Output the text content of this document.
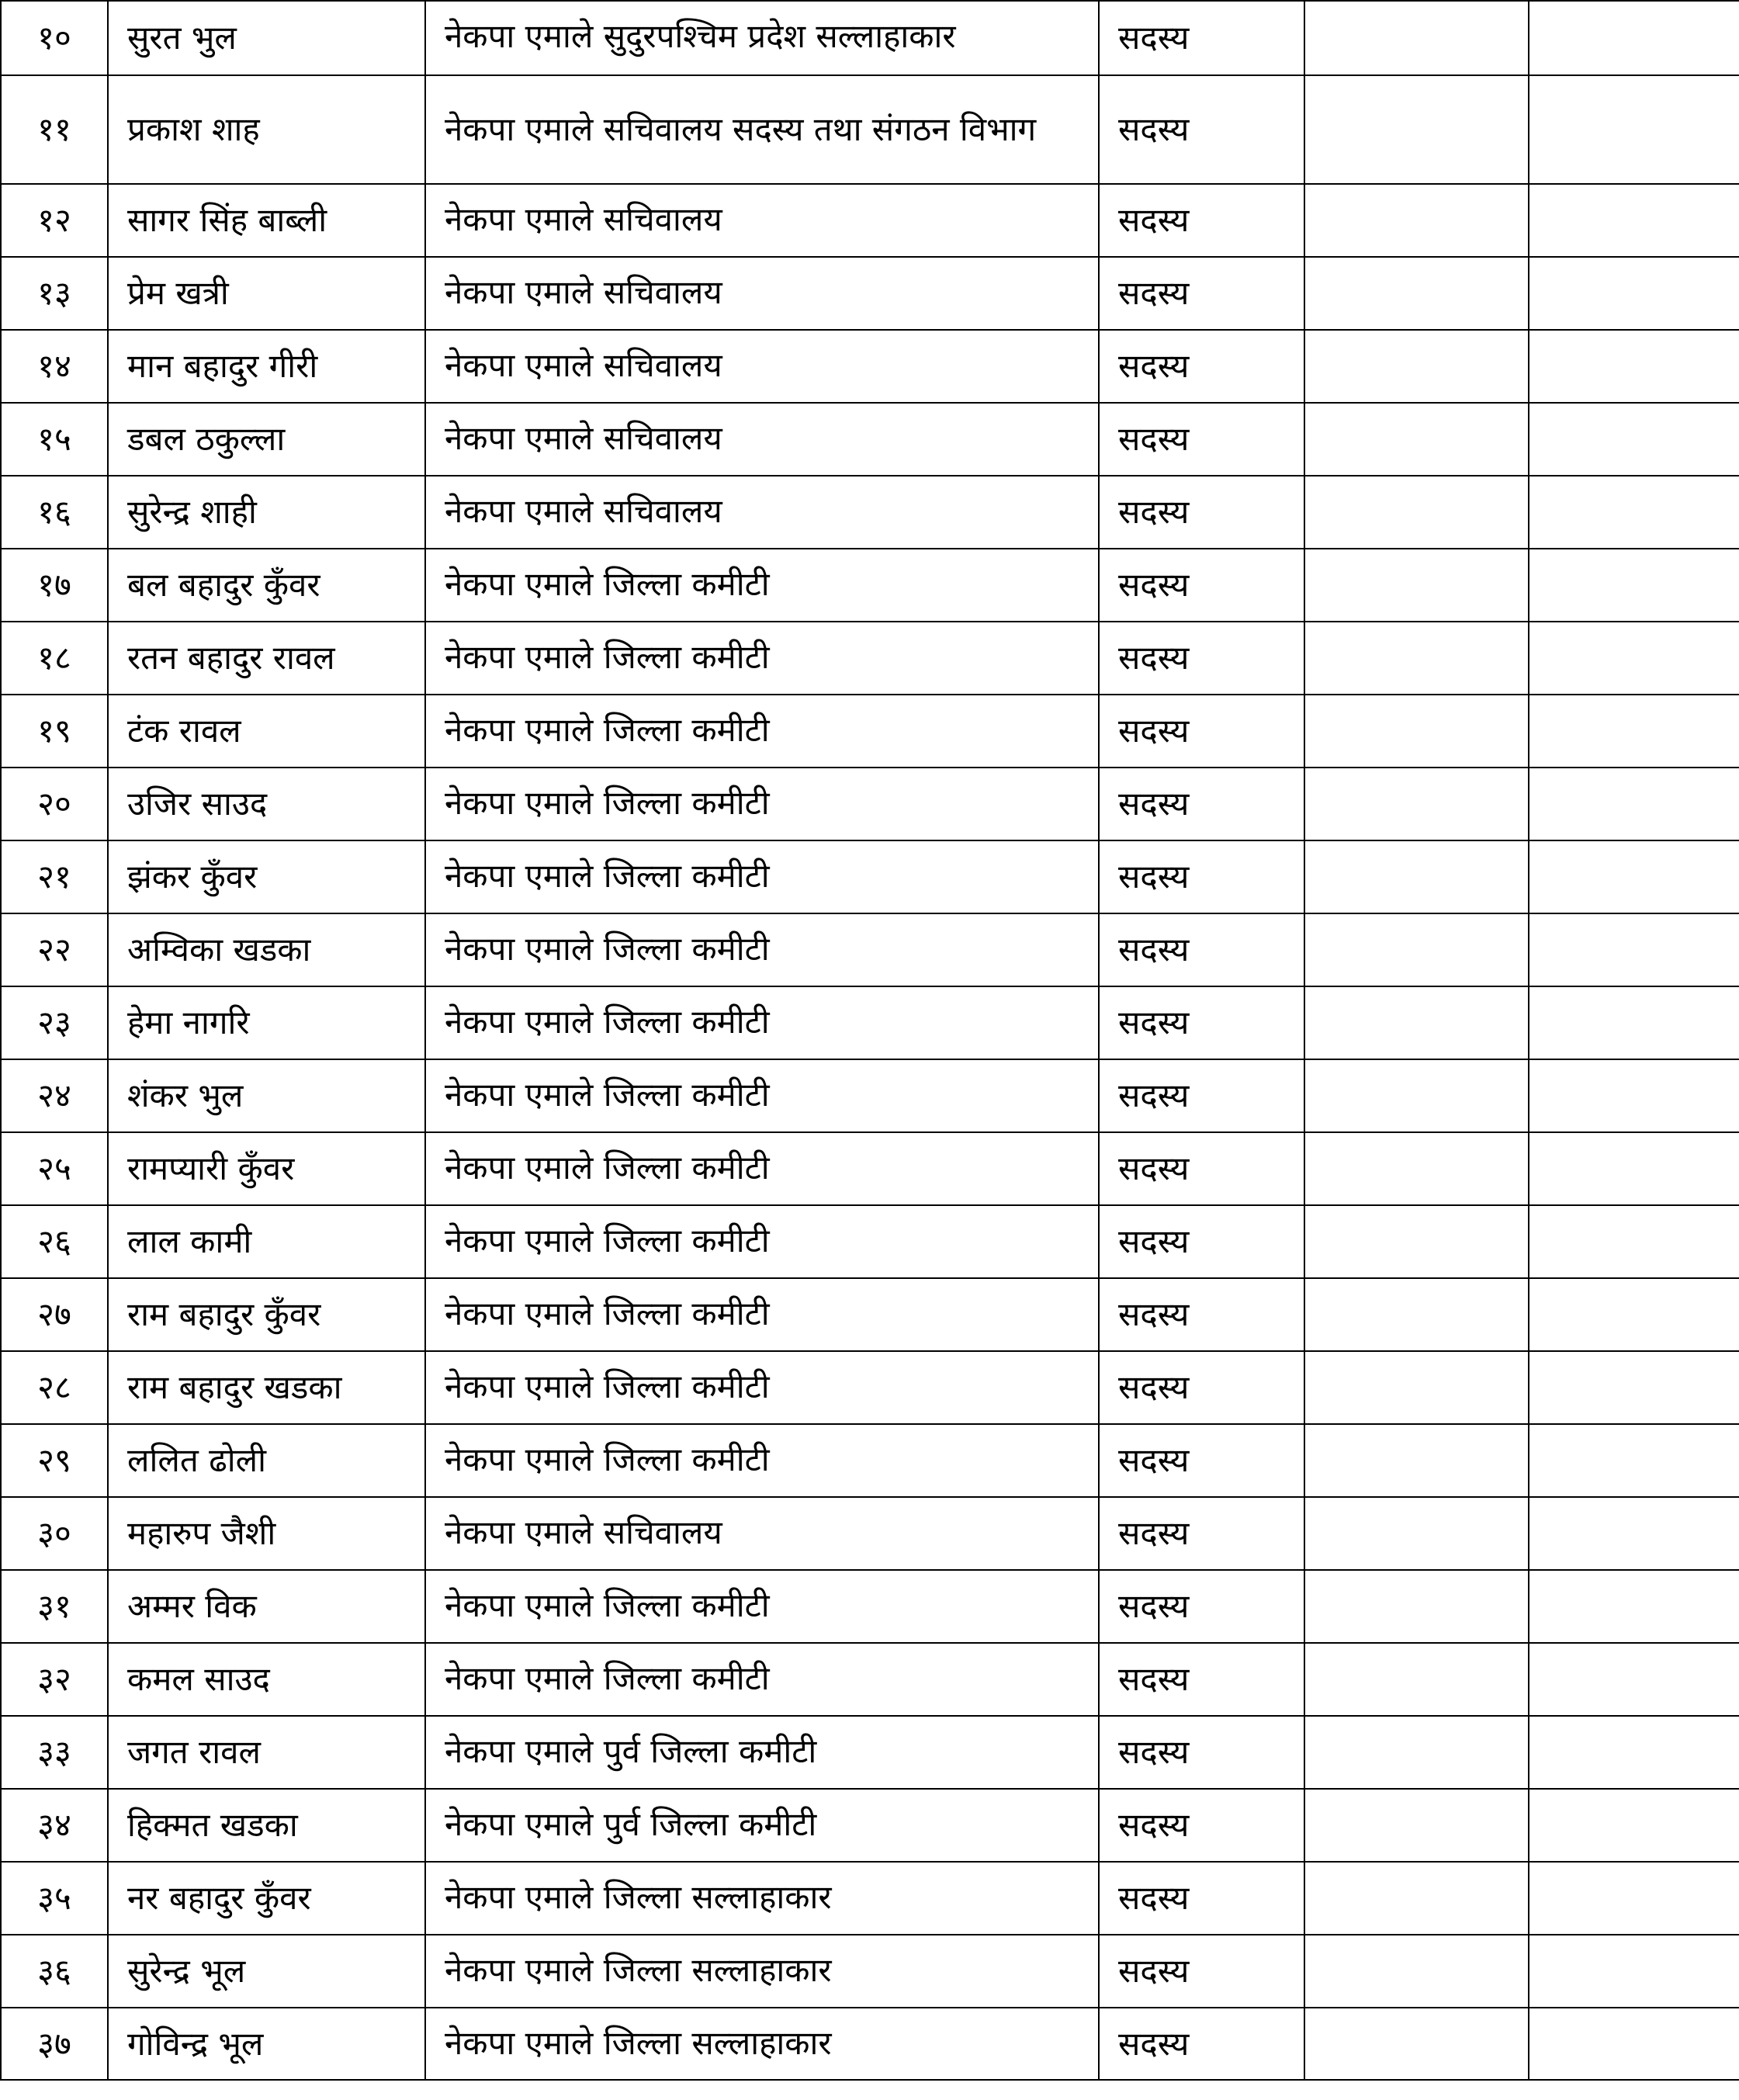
१०	सुरत भुल	नेकपा एमाले सुदुरपश्चिम प्रदेश सल्लाहाकार	सदस्य		
११	प्रकाश शाह	नेकपा एमाले सचिवालय सदस्य तथा संगठन विभाग	सदस्य		
१२	सागर सिंह बाब्ली	नेकपा एमाले सचिवालय	सदस्य		
१३	प्रेम खत्री	नेकपा एमाले सचिवालय	सदस्य		
१४	मान बहादुर गीरी	नेकपा एमाले सचिवालय	सदस्य		
१५	डबल ठकुल्ला	नेकपा एमाले सचिवालय	सदस्य		
१६	सुरेन्द्र शाही	नेकपा एमाले सचिवालय	सदस्य		
१७	बल बहादुर कुँवर	नेकपा एमाले जिल्ला कमीटी	सदस्य		
१८	रतन बहादुर रावल	नेकपा एमाले जिल्ला कमीटी	सदस्य		
१९	टंक रावल	नेकपा एमाले जिल्ला कमीटी	सदस्य		
२०	उजिर साउद	नेकपा एमाले जिल्ला कमीटी	सदस्य		
२१	झंकर कुँवर	नेकपा एमाले जिल्ला कमीटी	सदस्य		
२२	अम्विका खडका	नेकपा एमाले जिल्ला कमीटी	सदस्य		
२३	हेमा नागरि	नेकपा एमाले जिल्ला कमीटी	सदस्य		
२४	शंकर भुल	नेकपा एमाले जिल्ला कमीटी	सदस्य		
२५	रामप्यारी कुँवर	नेकपा एमाले जिल्ला कमीटी	सदस्य		
२६	लाल कामी	नेकपा एमाले जिल्ला कमीटी	सदस्य		
२७	राम बहादुर कुँवर	नेकपा एमाले जिल्ला कमीटी	सदस्य		
२८	राम बहादुर खडका	नेकपा एमाले जिल्ला कमीटी	सदस्य		
२९	ललित ढोली	नेकपा एमाले जिल्ला कमीटी	सदस्य		
३०	महारुप जैशी	नेकपा एमाले सचिवालय	सदस्य		
३१	अम्मर विक	नेकपा एमाले जिल्ला कमीटी	सदस्य		
३२	कमल साउद	नेकपा एमाले जिल्ला कमीटी	सदस्य		
३३	जगत रावल	नेकपा एमाले पुर्व जिल्ला कमीटी	सदस्य		
३४	हिक्मत खडका	नेकपा एमाले पुर्व जिल्ला कमीटी	सदस्य		
३५	नर बहादुर कुँवर	नेकपा एमाले जिल्ला सल्लाहाकार	सदस्य		
३६	सुरेन्द्र भूल	नेकपा एमाले जिल्ला सल्लाहाकार	सदस्य		
३७	गोविन्द्र भूल	नेकपा एमाले जिल्ला सल्लाहाकार	सदस्य		
